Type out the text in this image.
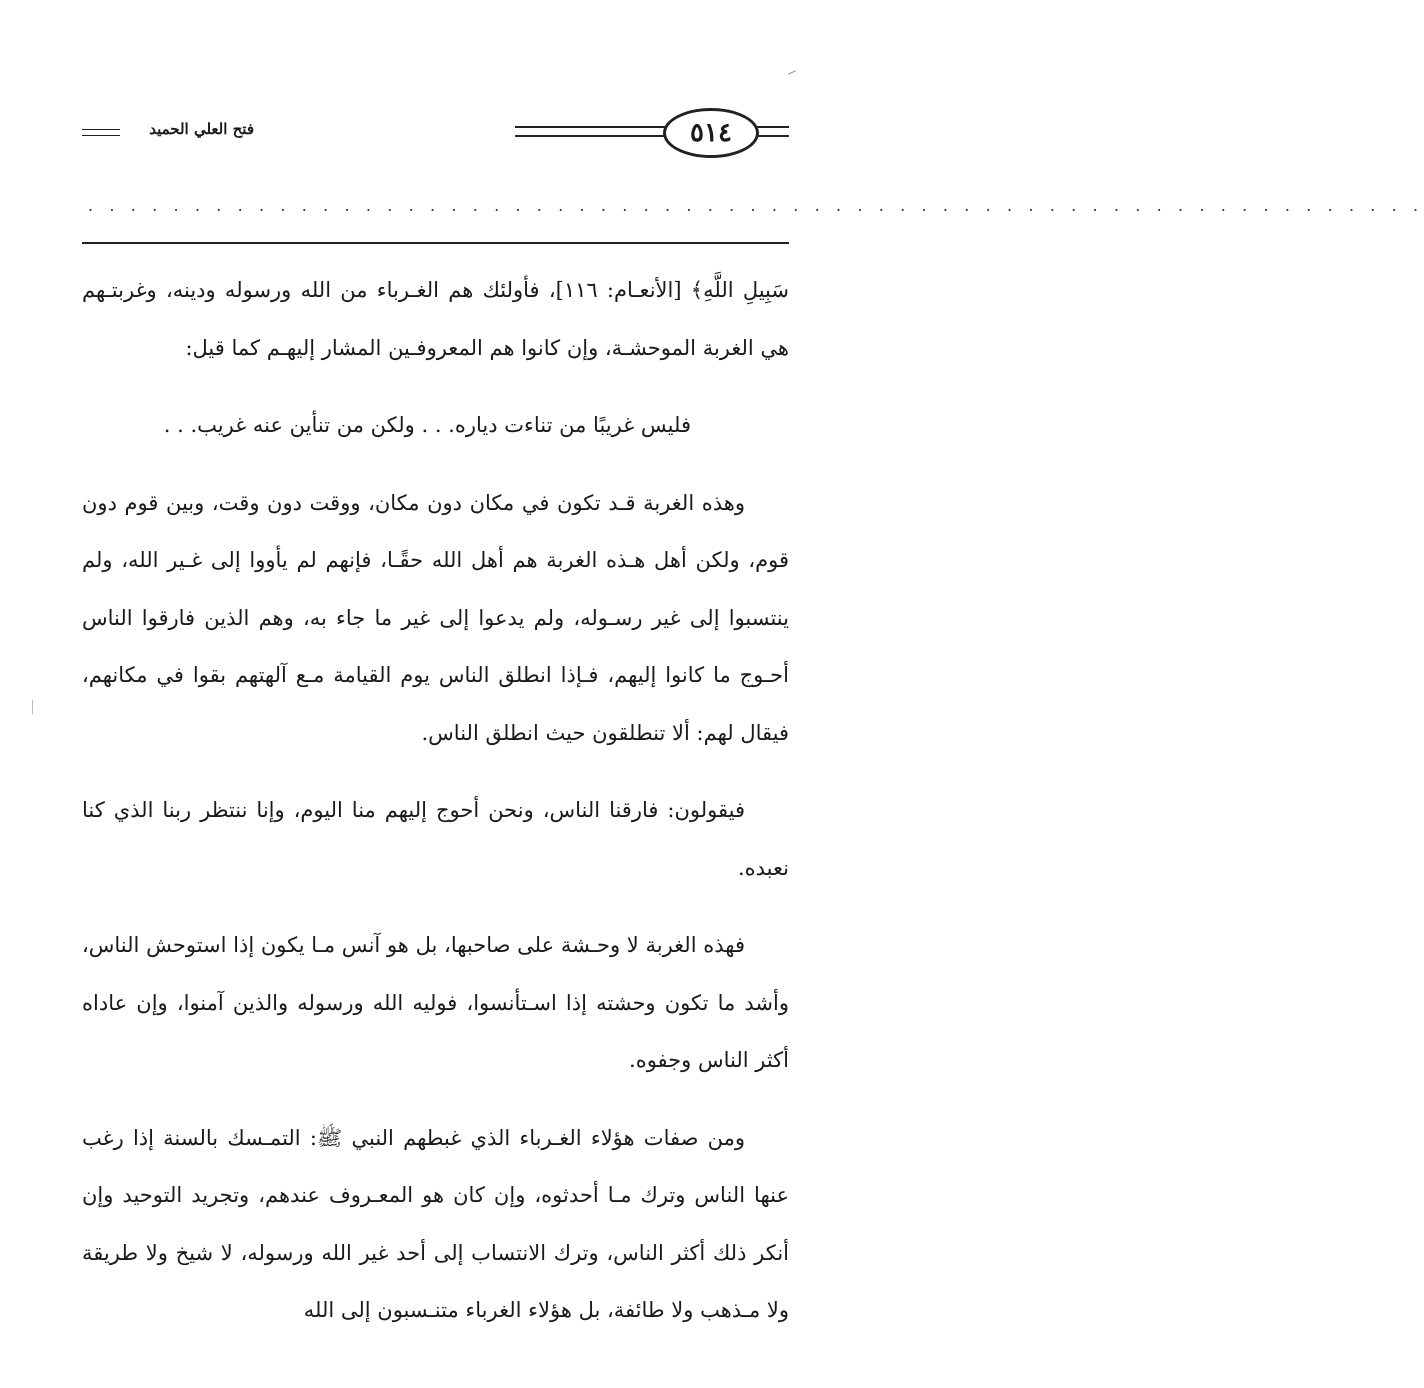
٥١٤
فتح العلي الحميد
. . . . . . . . . . . . . . . . . . . . . . . . . . . . . . . . . . . . . . . . . . . . . . . . . . . . . . . . . . . . . . .

سَبِيلِ اللَّهِ﴾ [الأنعـام: ١١٦]، فأولئك هم الغـرباء من الله ورسوله ودينه، وغربتـهم هي الغربة الموحشـة، وإن كانوا هم المعروفـين المشار إليهـم كما قيل:

فليس غريبًا من تناءت دياره. . . ولكن من تنأين عنه غريب. . .

وهذه الغربة قـد تكون في مكان دون مكان، ووقت دون وقت، وبين قوم دون قوم، ولكن أهل هـذه الغربة هم أهل الله حقًـا، فإنهم لم يأووا إلى غـير الله، ولم ينتسبوا إلى غير رسـوله، ولم يدعوا إلى غير ما جاء به، وهم الذين فارقوا الناس أحـوج ما كانوا إليهم، فـإذا انطلق الناس يوم القيامة مـع آلهتهم بقوا في مكانهم، فيقال لهم: ألا تنطلقون حيث انطلق الناس.

فيقولون: فارقنا الناس، ونحن أحوج إليهم منا اليوم، وإنا ننتظر ربنا الذي كنا نعبده.

فهذه الغربة لا وحـشة على صاحبها، بل هو آنس مـا يكون إذا استوحش الناس، وأشد ما تكون وحشته إذا اسـتأنسوا، فوليه الله ورسوله والذين آمنوا، وإن عاداه أكثر الناس وجفوه.

ومن صفات هؤلاء الغـرباء الذي غبطهم النبي ﷺ: التمـسك بالسنة إذا رغب عنها الناس وترك مـا أحدثوه، وإن كان هو المعـروف عندهم، وتجريد التوحيد وإن أنكر ذلك أكثر الناس، وترك الانتساب إلى أحد غير الله ورسوله، لا شيخ ولا طريقة ولا مـذهب ولا طائفة، بل هؤلاء الغرباء متنـسبون إلى الله
